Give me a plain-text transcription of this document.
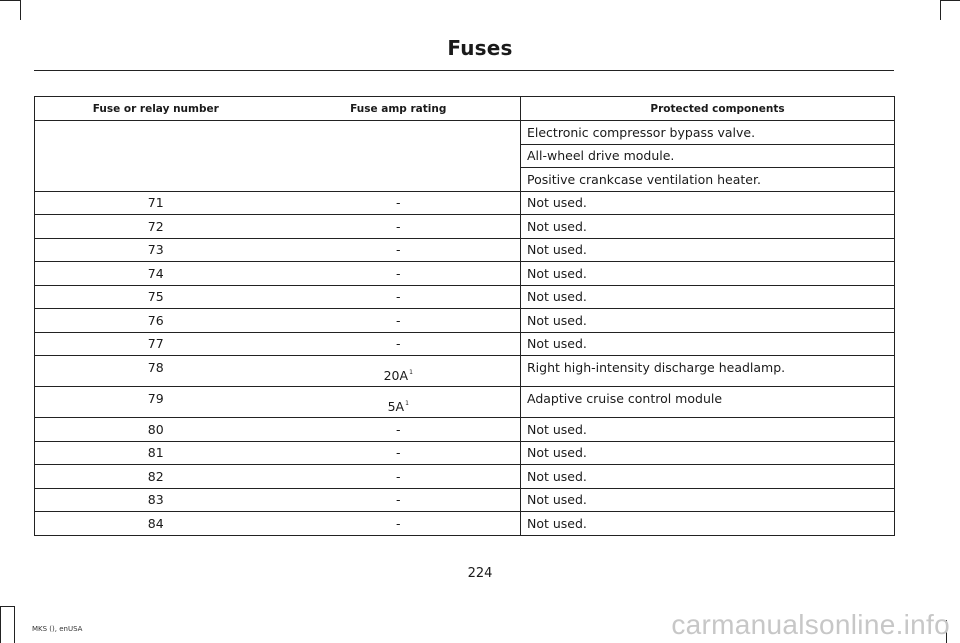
Fuses
Fuse or relay number	Fuse amp rating	Protected components
		Electronic compressor bypass valve.
		All-wheel drive module.
		Positive crankcase ventilation heater.
71	-	Not used.
72	-	Not used.
73	-	Not used.
74	-	Not used.
75	-	Not used.
76	-	Not used.
77	-	Not used.
78	$20A^1$	Right high-intensity discharge headlamp.
79	$5A^1$	Adaptive cruise control module
80	-	Not used.
81	-	Not used.
82	-	Not used.
83	-	Not used.
84	-	Not used.
224
MKS (), enUSA	carmanualsonline.info
